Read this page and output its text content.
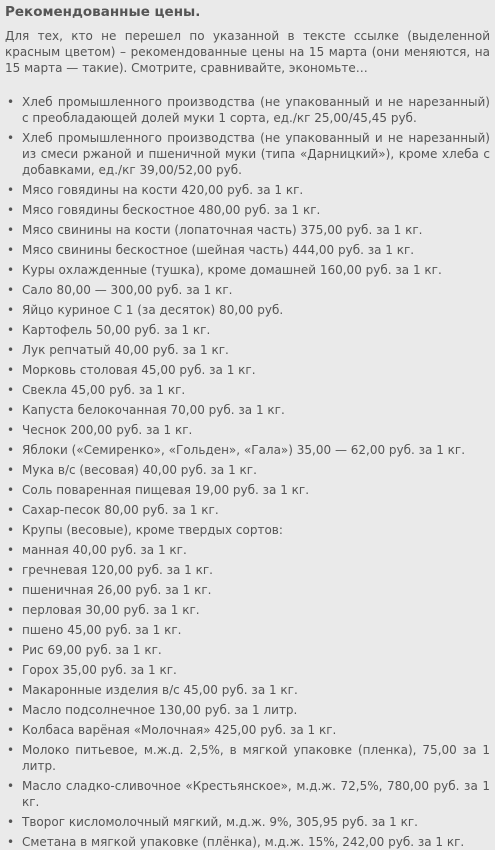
Рекомендованные цены.

Для тех, кто не перешел по указанной в тексте ссылке (выделенной красным цветом) – рекомендованные цены на 15 марта (они меняются, на 15 марта — такие). Смотрите, сравнивайте, экономьте…

• Хлеб промышленного производства (не упакованный и не нарезанный) с преобладающей долей муки 1 сорта, ед./кг 25,00/45,45 руб.
• Хлеб промышленного производства (не упакованный и не нарезанный) из смеси ржаной и пшеничной муки (типа «Дарницкий»), кроме хлеба с добавками, ед./кг 39,00/52,00 руб.
• Мясо говядины на кости 420,00 руб. за 1 кг.
• Мясо говядины бескостное 480,00 руб. за 1 кг.
• Мясо свинины на кости (лопаточная часть) 375,00 руб. за 1 кг.
• Мясо свинины бескостное (шейная часть) 444,00 руб. за 1 кг.
• Куры охлажденные (тушка), кроме домашней 160,00 руб. за 1 кг.
• Сало 80,00 — 300,00 руб. за 1 кг.
• Яйцо куриное С 1 (за десяток) 80,00 руб.
• Картофель 50,00 руб. за 1 кг.
• Лук репчатый 40,00 руб. за 1 кг.
• Морковь столовая 45,00 руб. за 1 кг.
• Свекла 45,00 руб. за 1 кг.
• Капуста белокочанная 70,00 руб. за 1 кг.
• Чеснок 200,00 руб. за 1 кг.
• Яблоки («Семиренко», «Гольден», «Гала») 35,00 — 62,00 руб. за 1 кг.
• Мука в/с (весовая) 40,00 руб. за 1 кг.
• Соль поваренная пищевая 19,00 руб. за 1 кг.
• Сахар-песок 80,00 руб. за 1 кг.
• Крупы (весовые), кроме твердых сортов:
• манная 40,00 руб. за 1 кг.
• гречневая 120,00 руб. за 1 кг.
• пшеничная 26,00 руб. за 1 кг.
• перловая 30,00 руб. за 1 кг.
• пшено 45,00 руб. за 1 кг.
• Рис 69,00 руб. за 1 кг.
• Горох 35,00 руб. за 1 кг.
• Макаронные изделия в/с 45,00 руб. за 1 кг.
• Масло подсолнечное 130,00 руб. за 1 литр.
• Колбаса варёная «Молочная» 425,00 руб. за 1 кг.
• Молоко питьевое, м.ж.д. 2,5%, в мягкой упаковке (пленка), 75,00 за 1 литр.
• Масло сладко-сливочное «Крестьянское», м.д.ж. 72,5%, 780,00 руб. за 1 кг.
• Творог кисломолочный мягкий, м.д.ж. 9%, 305,95 руб. за 1 кг.
• Сметана в мягкой упаковке (плёнка), м.д.ж. 15%, 242,00 руб. за 1 кг.
